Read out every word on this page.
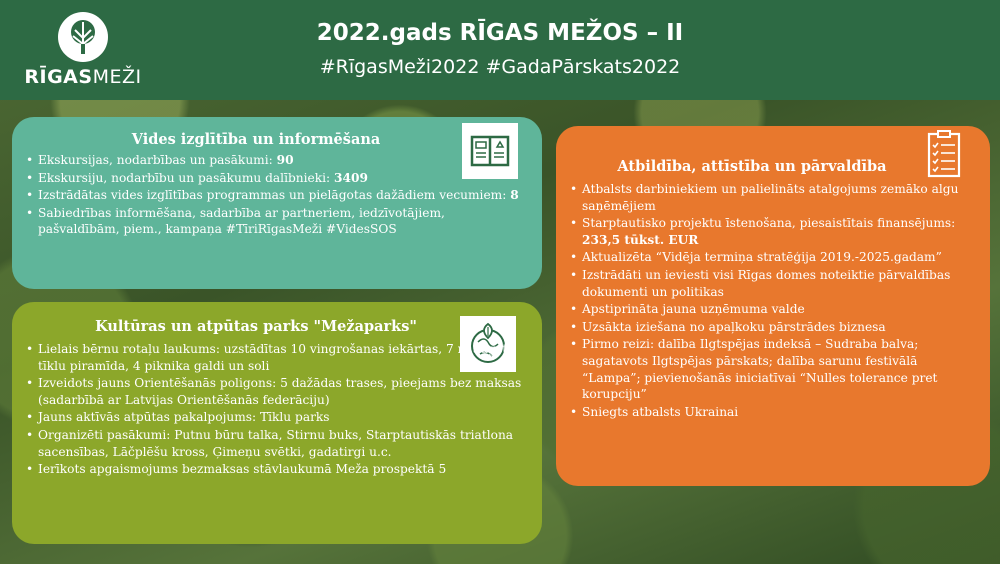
RĪGASMEŽI
2022.gads RĪGAS MEŽOS – II
#RīgasMeži2022 #GadaPārskats2022
Vides izglītība un informēšana
• Ekskursijas, nodarbības un pasākumi: 90
• Ekskursiju, nodarbību un pasākumu dalībnieki: 3409
• Izstrādātas vides izglītības programmas un pielāgotas dažādiem vecumiem: 8
• Sabiedrības informēšana, sadarbība ar partneriem, iedzīvotājiem, pašvaldībām, piem., kampaņa #TīriRīgasMeži #VidesSOS
Kultūras un atpūtas parks "Mežaparks"
• Lielais bērnu rotaļu laukums: uzstādītas 10 vingrošanas iekārtas, 7 m augsta tīklu piramīda, 4 piknika galdi un soli
• Izveidots jauns Orientēšanās poligons: 5 dažādas trases, pieejams bez maksas (sadarbībā ar Latvijas Orientēšanās federāciju)
• Jauns aktīvās atpūtas pakalpojums: Tīklu parks
• Organizēti pasākumi: Putnu būru talka, Stirnu buks, Starptautiskās triatlona sacensības, Lāčplēšu kross, Ģimeņu svētki, gadatirgi u.c.
• Ierīkots apgaismojums bezmaksas stāvlaukumā Meža prospektā 5
Atbildība, attīstība un pārvaldība
• Atbalsts darbiniekiem un palielināts atalgojums zemāko algu saņēmējiem
• Starptautisko projektu īstenošana, piesaistītais finansējums: 233,5 tūkst. EUR
• Aktualizēta “Vidēja termiņa stratēģija 2019.-2025.gadam”
• Izstrādāti un ieviesti visi Rīgas domes noteiktie pārvaldības dokumenti un politikas
• Apstiprināta jauna uzņēmuma valde
• Uzsākta iziešana no apaļkoku pārstrādes biznesa
• Pirmo reizi: dalība Ilgtspējas indeksā – Sudraba balva; sagatavots Ilgtspējas pārskats; dalība sarunu festivālā “Lampa”; pievienošanās iniciatīvai “Nulles tolerance pret korupciju”
• Sniegts atbalsts Ukrainai
